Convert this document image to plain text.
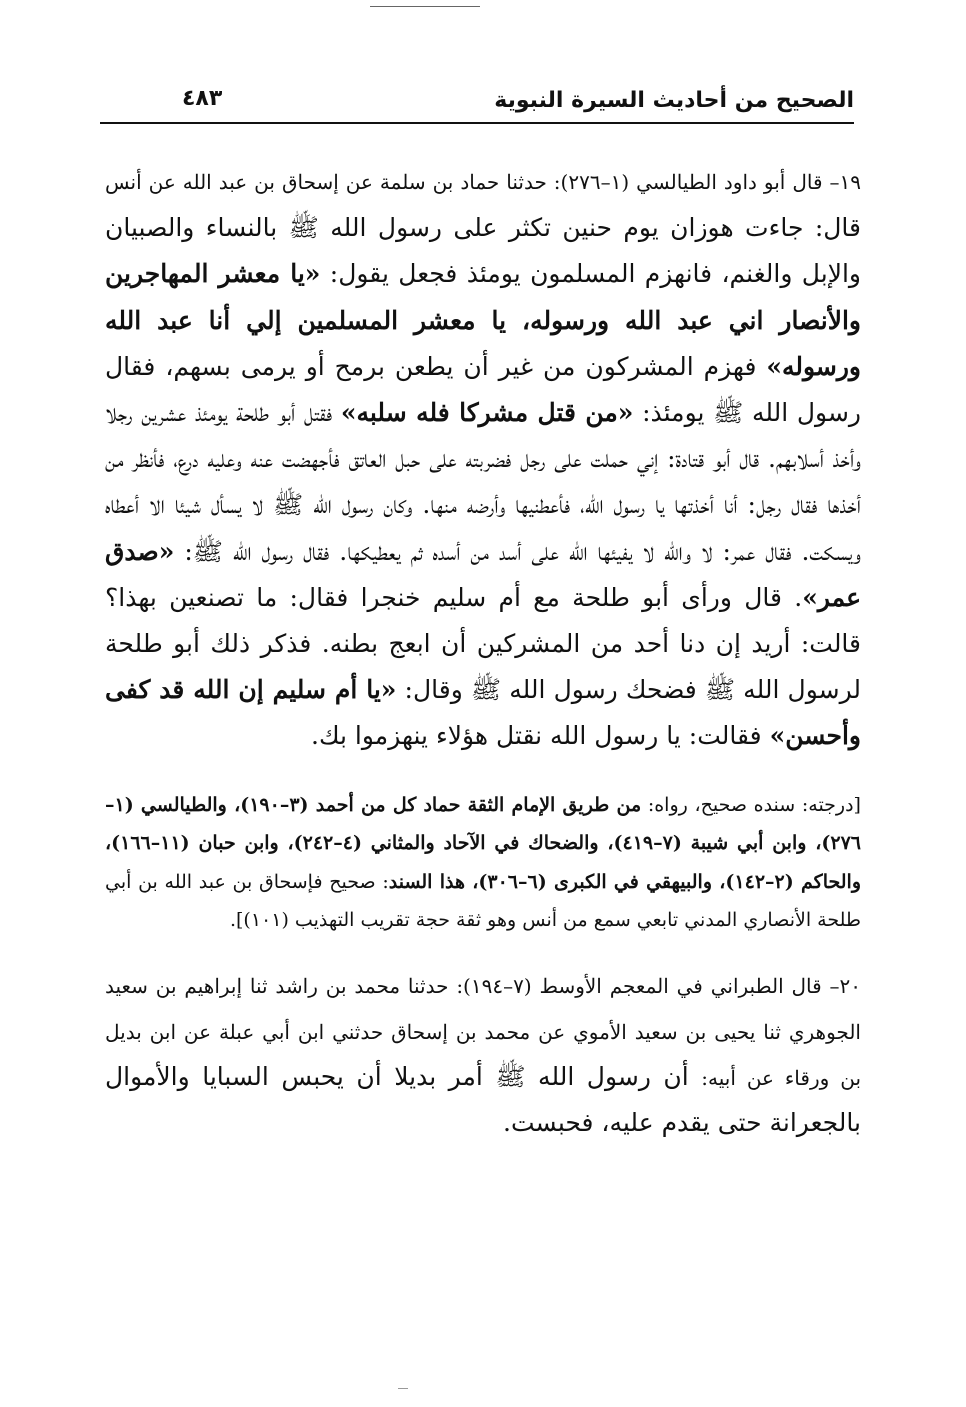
الصحيح من أحاديث السيرة النبوية
٤٨٣

١٩– قال أبو داود الطيالسي (١–٢٧٦): حدثنا حماد بن سلمة عن إسحاق بن عبد الله عن أنس قال: جاءت هوزان يوم حنين تكثر على رسول الله ﷺ بالنساء والصبيان والإبل والغنم، فانهزم المسلمون يومئذ فجعل يقول: «يا معشر المهاجرين والأنصار اني عبد الله ورسوله، يا معشر المسلمين إلي أنا عبد الله ورسوله» فهزم المشركون من غير أن يطعن برمح أو يرمى بسهم، فقال رسول الله ﷺ يومئذ: «من قتل مشركا فله سلبه» فقتل أبو طلحة يومئذ عشرين رجلا وأخذ أسلابهم. قال أبو قتادة: إني حملت على رجل فضربته على حبل العاتق فأجهضت عنه وعليه درع، فأنظر من أخذها فقال رجل: أنا أخذتها يا رسول الله، فأعطنيها وأرضه منها. وكان رسول الله ﷺ لا يسأل شيئا الا أعطاه ويسكت. فقال عمر: لا والله لا يفيئها الله على أسد من أسده ثم يعطيكها. فقال رسول الله ﷺ: «صدق عمر». قال ورأى أبو طلحة مع أم سليم خنجرا فقال: ما تصنعين بهذا؟ قالت: أريد إن دنا أحد من المشركين أن ابعج بطنه. فذكر ذلك أبو طلحة لرسول الله ﷺ فضحك رسول الله ﷺ وقال: «يا أم سليم إن الله قد كفى وأحسن» فقالت: يا رسول الله نقتل هؤلاء ينهزموا بك.

[درجته: سنده صحيح، رواه: من طريق الإمام الثقة حماد كل من أحمد (٣–١٩٠)، والطيالسي (١–٢٧٦)، وابن أبي شيبة (٧–٤١٩)، والضحاك في الآحاد والمثاني (٤–٢٤٢)، وابن حبان (١١–١٦٦)، والحاكم (٢–١٤٢)، والبيهقي في الكبرى (٦–٣٠٦)، هذا السند: صحيح فإسحاق بن عبد الله بن أبي طلحة الأنصاري المدني تابعي سمع من أنس وهو ثقة حجة تقريب التهذيب (١٠١)].

٢٠– قال الطبراني في المعجم الأوسط (٧–١٩٤): حدثنا محمد بن راشد ثنا إبراهيم بن سعيد الجوهري ثنا يحيى بن سعيد الأموي عن محمد بن إسحاق حدثني ابن أبي عبلة عن ابن بديل بن ورقاء عن أبيه: أن رسول الله ﷺ أمر بديلا أن يحبس السبايا والأموال بالجعرانة حتى يقدم عليه، فحبست.
